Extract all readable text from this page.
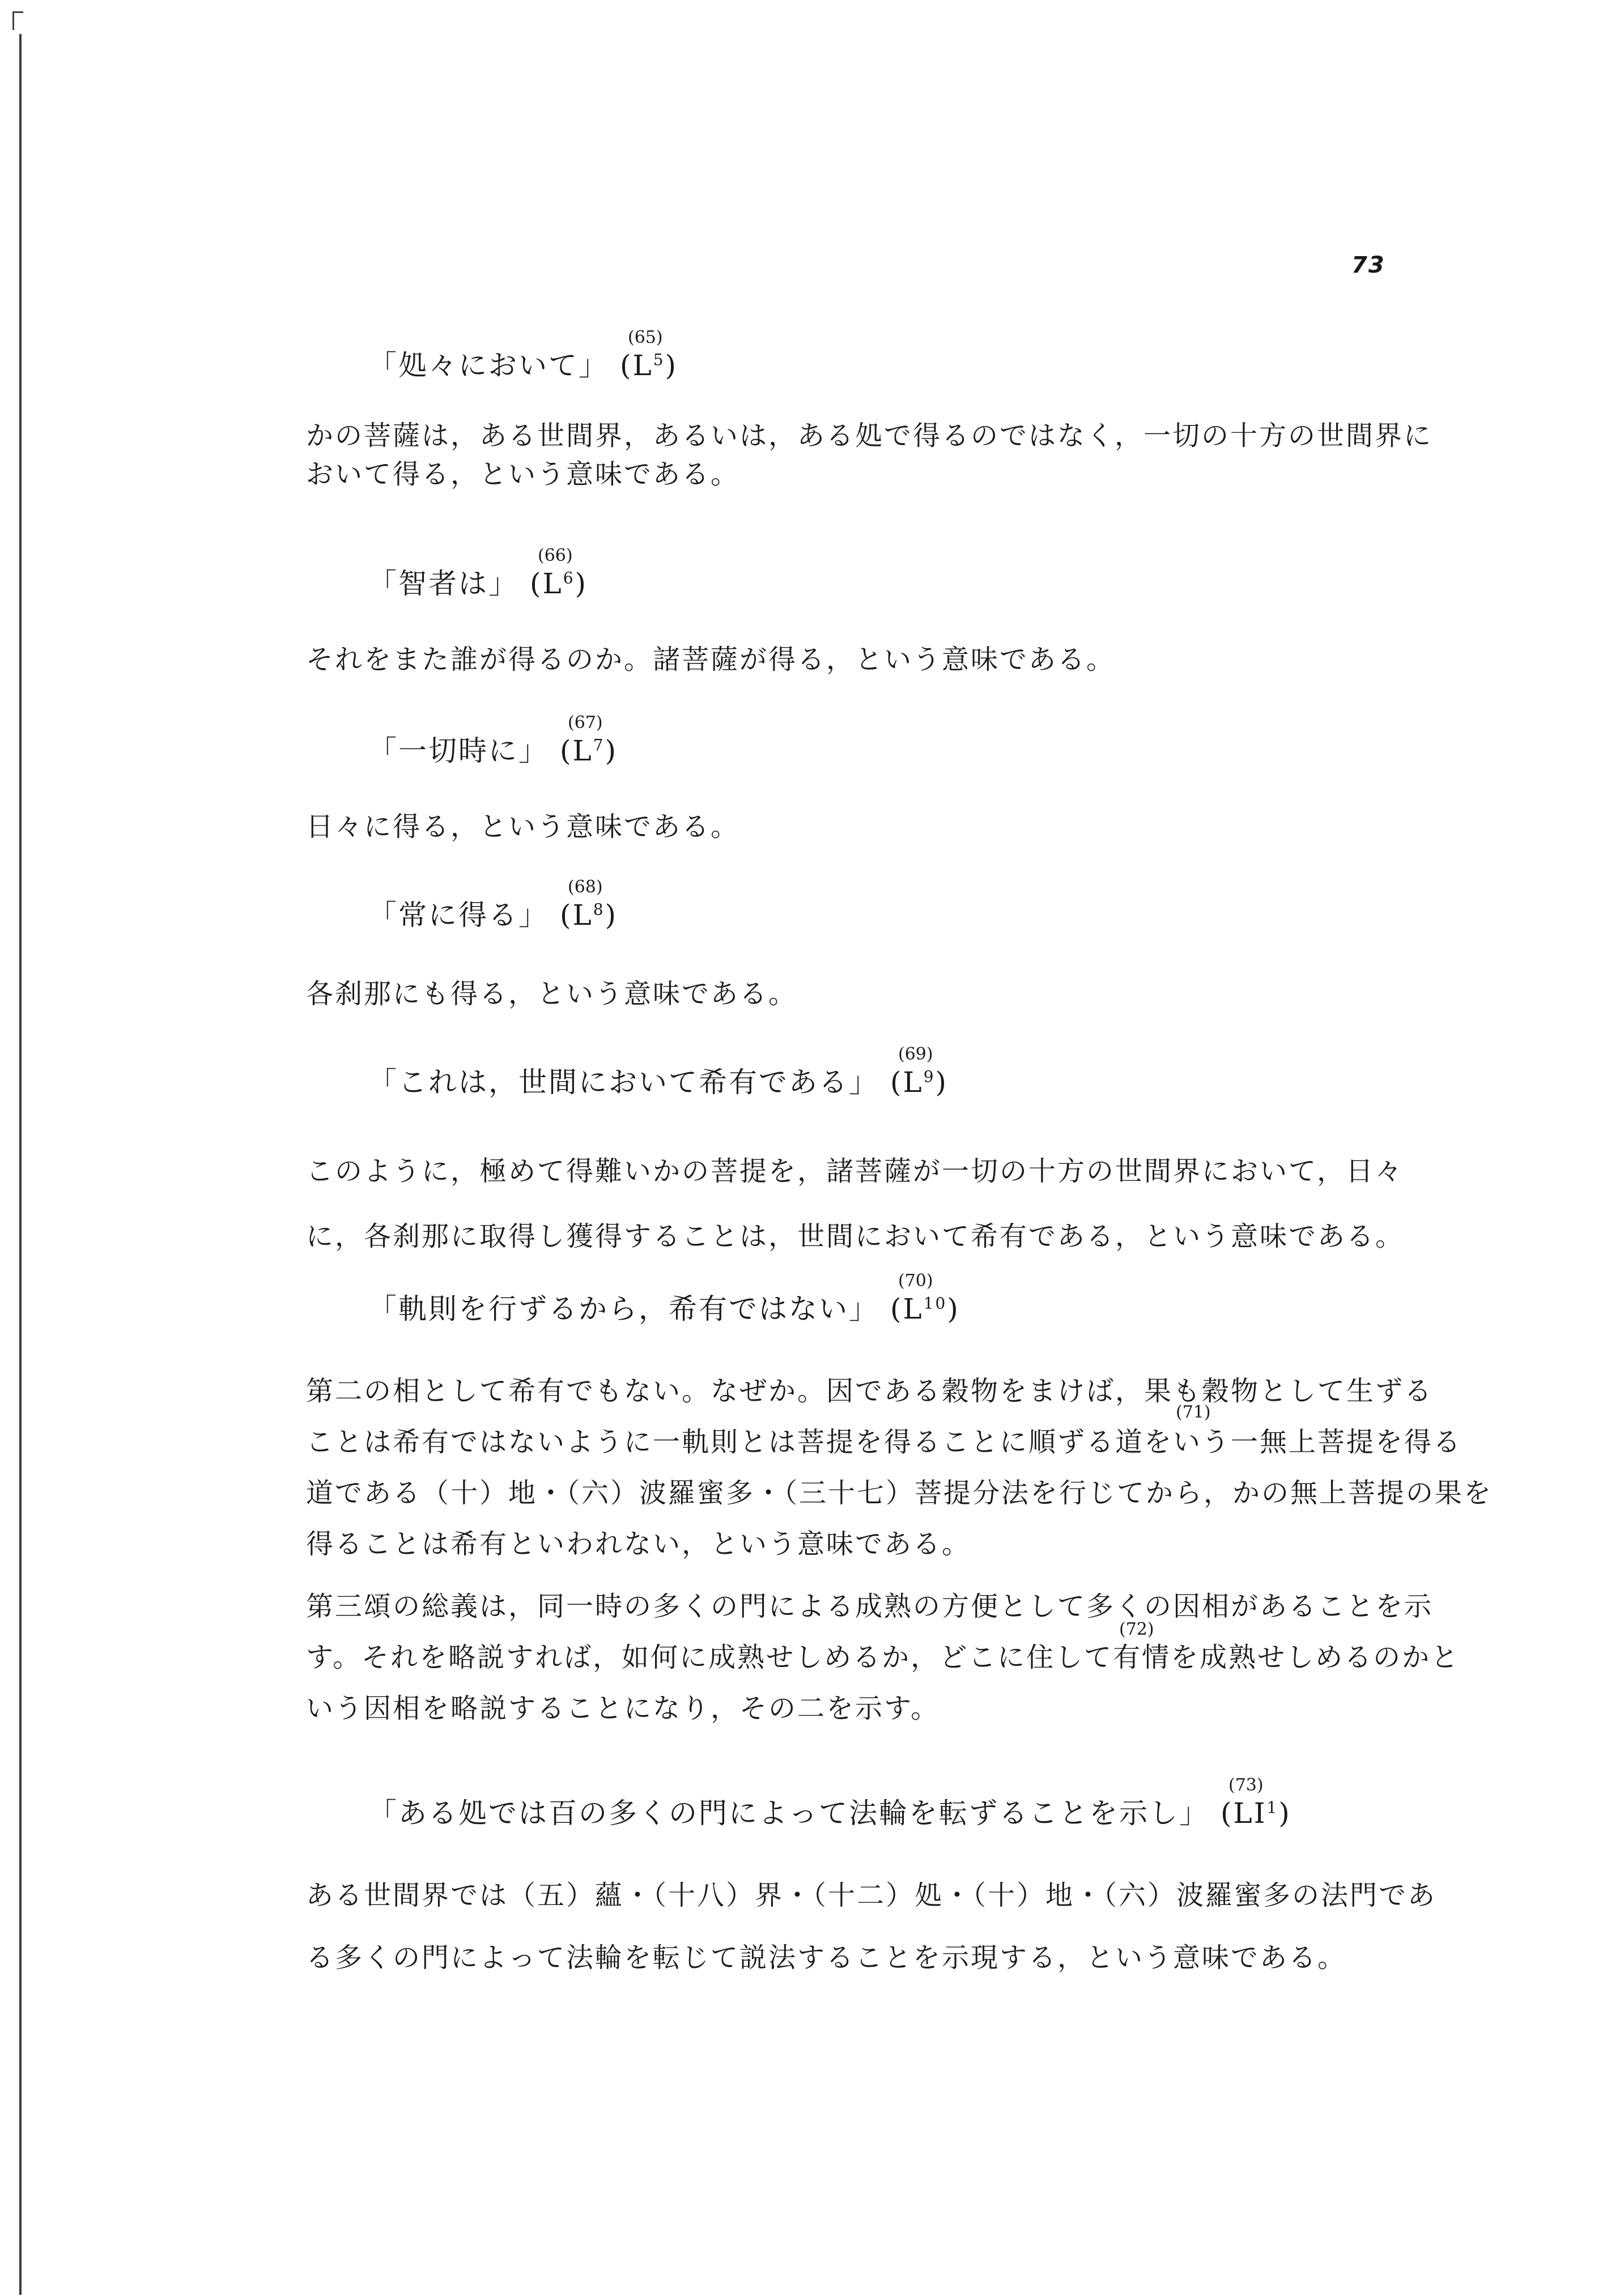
73
「処々において」
(65)
$(L^5)$

かの菩薩は，ある世間界，あるいは，ある処で得るのではなく，一切の十方の世間界に
おいて得る，という意味である。

「智者は」
(66)
$(L^6)$

それをまた誰が得るのか。諸菩薩が得る，という意味である。

「一切時に」
(67)
$(L^7)$

日々に得る，という意味である。

「常に得る」
(68)
$(L^8)$

各刹那にも得る，という意味である。

「これは，世間において希有である」
(69)
$(L^9)$

このように，極めて得難いかの菩提を，諸菩薩が一切の十方の世間界において，日々
に，各刹那に取得し獲得することは，世間において希有である，という意味である。

「軌則を行ずるから，希有ではない」
(70)
$(L^{10})$

第二の相として希有でもない。なぜか。因である穀物をまけば，果も穀物として生ずる
ことは希有ではないように一軌則とは菩提を得ることに順ずる道をいう一無上菩提を得る
道である（十）地・（六）波羅蜜多・（三十七）菩提分法を行じてから，かの無上菩提の果を
得ることは希有といわれない，という意味である。

(71)

第三頌の総義は，同一時の多くの門による成熟の方便として多くの因相があることを示
す。それを略説すれば，如何に成熟せしめるか，どこに住して有情を成熟せしめるのかと
いう因相を略説することになり，その二を示す。

(72)
「ある処では百の多くの門によって法輪を転ずることを示し」
(73)
$(LI^1)$

ある世間界では（五）蘊・（十八）界・（十二）処・（十）地・（六）波羅蜜多の法門であ
る多くの門によって法輪を転じて説法することを示現する，という意味である。
